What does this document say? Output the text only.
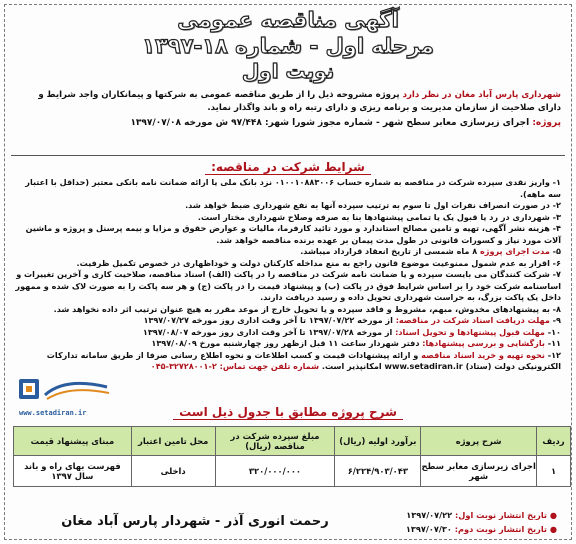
آگهی مناقصه عمومی
مرحله اول - شماره ۱۸-۱۳۹۷
نوبت اول
شهرداری پارس آباد مغان در نظر دارد پروژه مشروحه ذیل را از طریق مناقصه عمومی به شرکتها و پیمانکاران واجد شرایط و دارای صلاحیت از سازمان مدیریت و برنامه ریزی و دارای رتبه راه و باند واگذار نماید.
پروژه: اجرای زیرسازی معابر سطح شهر - شماره مجوز شورا شهر: ۹۷/۴۴۸ ش مورخه ۱۳۹۷/۰۷/۰۸
شرایط شرکت در مناقصه:

۱- واریز نقدی سپرده شرکت در مناقصه به شماره حساب ۰۱۰۰۱۰۸۸۳۰۰۶ نزد بانک ملی یا ارائه ضمانت نامه بانکی معتبر (حداقل با اعتبار سه ماهه).

۲- در صورت انصراف نفرات اول تا سوم به ترتیب سپرده آنها به نفع شهرداری ضبط خواهد شد.

۳- شهرداری در رد یا قبول یک یا تمامی پیشنهادها بنا به صرفه وصلاح شهرداری مختار است.

۴- هزینه نشر آگهی، تهیه و تامین مصالح استاندارد و مورد تائید کارفرما، مالیات و عوارض حقوق و مزایا و بیمه پرسنل و پروژه و ماشین آلات مورد نیاز و کسورات قانونی در طول مدت پیمان بر عهده برنده مناقصه خواهد شد.

۵- مدت اجرای پروژه ۸ ماه شمسی از تاریخ انعقاد قرارداد میباشد.

۶- اقرار به عدم شمول ممنوعیت موضوع قانون راجع به منع مداخله کارکنان دولت و خوداظهاری در خصوص تکمیل ظرفیت.

۷- شرکت کنندگان می بایست سپرده و یا ضمانت نامه شرکت در مناقصه را در پاکت (الف) اسناد مناقصه، صلاحیت کاری و آخرین تغییرات و اساسنامه شرکت خود را بر اساس شرایط فوق در پاکت (ب) و پیشنهاد قیمت را در پاکت (ج) و هر سه پاکت را به صورت لاک شده و ممهور داخل یک پاکت بزرگ، به حراست شهرداری تحویل داده و رسید دریافت دارند.

۸- به پیشنهادهای مخدوش، مبهم، مشروط و فاقد سپرده و یا تحویل خارج از موعد مقرر به هیچ عنوان ترتیب اثر داده نخواهد شد.

۹- مهلت دریافت اسناد شرکت در مناقصه: از مورخه ۱۳۹۷/۰۷/۲۲ تا آخر وقت اداری روز مورخه ۱۳۹۷/۰۷/۲۷

۱۰- مهلت قبول پیشنهادها و تحویل اسناد: از مورخه ۱۳۹۷/۰۷/۲۸ تا آخر وقت اداری روز مورخه ۱۳۹۷/۰۸/۰۷

۱۱- بازگشایی و بررسی پیشنهادها: دفتر شهردار ساعت ۱۱ قبل ازظهر روز چهارشنبه مورخ ۱۳۹۷/۰۸/۰۹

۱۲- نحوه تهیه و خرید اسناد مناقصه و ارائه پیشنهادات قیمت و کسب اطلاعات و نحوه اطلاع رسانی صرفا از طریق سامانه تدارکات الکترونیکی دولت (ستاد) www.setadiran.ir امکانپذیر است. شماره تلفن جهت تماس: ۲-۳۲۷۲۸۰۰۱-۰۴۵

www.setadiran.ir	شرح پروژه مطابق با جدول ذیل است
ردیف	شرح پروژه	برآورد اولیه (ریال)	مبلغ سپرده شرکت در مناقصه (ریال)	محل تامین اعتبار	مبنای پیشنهاد قیمت
۱	اجرای زیرسازی معابر سطح شهر	۶/۲۲۴/۹۰۳/۰۴۳	۳۲۰/۰۰۰/۰۰۰	داخلی	فهرست بهای راه و باند سال ۱۳۹۷
● تاریخ انتشار نوبت اول: ۱۳۹۷/۰۷/۲۲
● تاریخ انتشار نوبت دوم: ۱۳۹۷/۰۷/۳۰
رحمت انوری آذر - شهردار پارس آباد مغان
